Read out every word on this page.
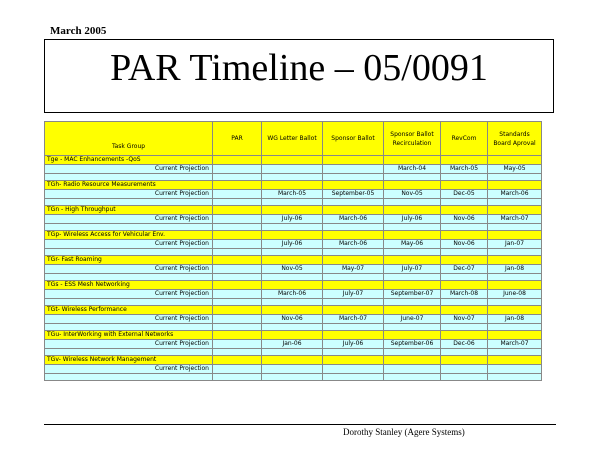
March 2005
PAR Timeline – 05/0091
Task Group	PAR	WG Letter Ballot	Sponsor Ballot	Sponsor Ballot Recirculation	RevCom	Standards Board Aproval
Tge - MAC Enhancements -QoS						
Current Projection				March-04	March-05	May-05

TGh- Radio Resource Measurements						
Current Projection		March-05	September-05	Nov-05	Dec-05	March-06

TGn - High Throughput						
Current Projection		July-06	March-06	July-06	Nov-06	March-07

TGp- Wireless Access for Vehicular Env.						
Current Projection		July-06	March-06	May-06	Nov-06	Jan-07

TGr- Fast Roaming						
Current Projection		Nov-05	May-07	July-07	Dec-07	Jan-08

TGs - ESS Mesh Networking						
Current Projection		March-06	July-07	September-07	March-08	June-08

TGt- Wireless Performance						
Current Projection		Nov-06	March-07	June-07	Nov-07	Jan-08

TGu- InterWorking with External Networks						
Current Projection		Jan-06	July-06	September-06	Dec-06	March-07

TGv- Wireless Network Management						
Current Projection						

Dorothy Stanley (Agere Systems)
